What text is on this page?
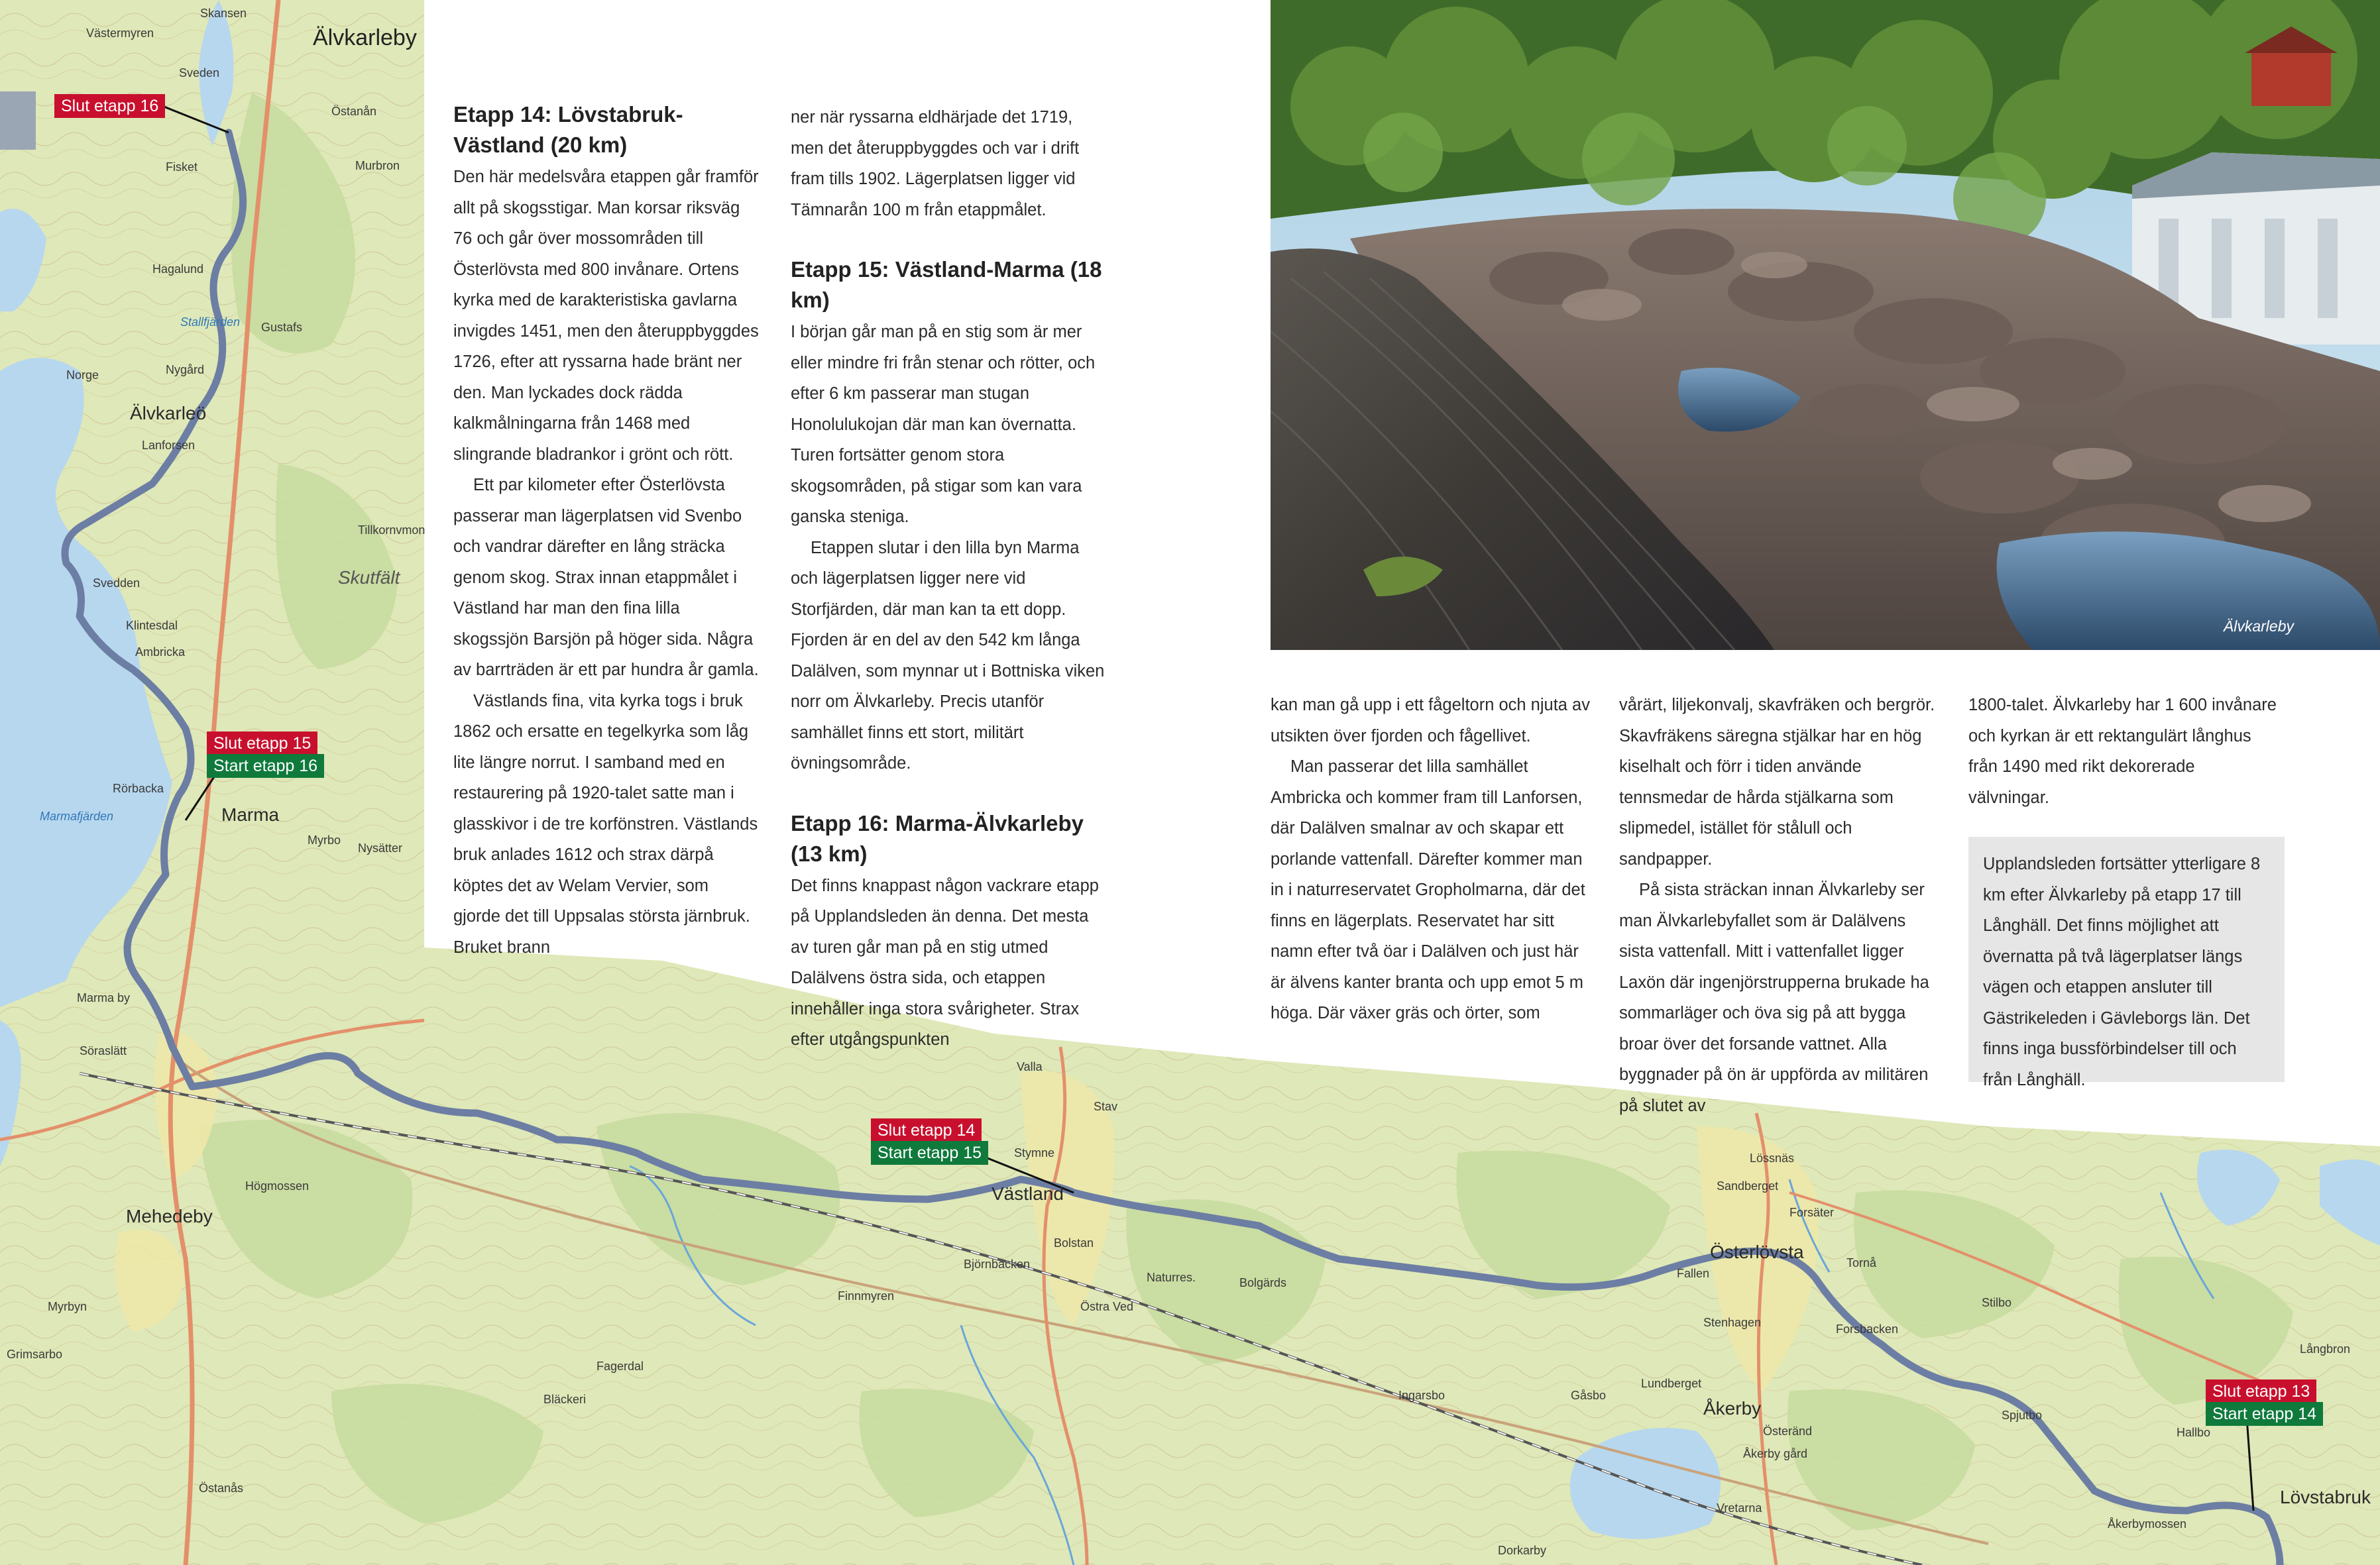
Älvkarleby
Skansen
Västermyren
Sveden
Östanån
Murbron
Fisket
Hagalund
Stallfjärden Gustafs
Norge	Nygård
Älvkarleö
Lanforsen
Tillkornvmon
Skutfält
Svedden
Klintesdal
Ambricka
Rörbacka
Marmafjärden	Marma
Myrbo
Nysätter
Marma by
Söraslätt
Högmossen
Mehedeby
Myrbyn
Grimsarbo
Bläckeri
Fagerdal
Östanås
Valla
Stav
Stymne
Västland
Bolstan
Björnbacken
Östra Ved
Finnmyren
Naturres.	Bolgärds
Ingarsbo	Gåsbo
Åkerby
Lundberget
Österänd
Åkerby gård
Vretarna
Dorkarby
Lössnäs
Sandberget
Forsäter
Österlövsta
Fallen
Stenhagen	Forsbacken
Tornå
Stilbo
Långbron
Spjutbo
Hallbo
Åkerbymossen
Lövstabruk
Slut etapp 16
Slut etapp 15
Start etapp 16
Slut etapp 14
Start etapp 15
Slut etapp 13
Start etapp 14
Älvkarleby
Etapp 14: Lövstabruk-Västland (20 km)

Den här medelsvåra etappen går framför allt på skogsstigar. Man korsar riksväg 76 och går över mossområden till Österlövsta med 800 invånare. Ortens kyrka med de karakteristiska gavlarna invigdes 1451, men den återuppbyggdes 1726, efter att ryssarna hade bränt ner den. Man lyckades dock rädda kalkmålningarna från 1468 med slingrande bladrankor i grönt och rött.

Ett par kilometer efter Österlövsta passerar man lägerplatsen vid Svenbo och vandrar därefter en lång sträcka genom skog. Strax innan etappmålet i Västland har man den fina lilla skogssjön Barsjön på höger sida. Några av barrträden är ett par hundra år gamla.

Västlands fina, vita kyrka togs i bruk 1862 och ersatte en tegelkyrka som låg lite längre norrut. I samband med en restaurering på 1920-talet satte man i glasskivor i de tre korfönstren. Västlands bruk anlades 1612 och strax därpå köptes det av Welam Vervier, som gjorde det till Uppsalas största järnbruk. Bruket brann

ner när ryssarna eldhärjade det 1719, men det återuppbyggdes och var i drift fram tills 1902. Lägerplatsen ligger vid Tämnarån 100 m från etappmålet.

Etapp 15: Västland-Marma (18 km)

I början går man på en stig som är mer eller mindre fri från stenar och rötter, och efter 6 km passerar man stugan Honolulukojan där man kan övernatta. Turen fortsätter genom stora skogsområden, på stigar som kan vara ganska steniga.

Etappen slutar i den lilla byn Marma och lägerplatsen ligger nere vid Storfjärden, där man kan ta ett dopp. Fjorden är en del av den 542 km långa Dalälven, som mynnar ut i Bottniska viken norr om Älvkarleby. Precis utanför samhället finns ett stort, militärt övningsområde.

Etapp 16: Marma-Älvkarleby (13 km)

Det finns knappast någon vackrare etapp på Upplandsleden än denna. Det mesta av turen går man på en stig utmed Dalälvens östra sida, och etappen innehåller inga stora svårigheter. Strax efter utgångspunkten

kan man gå upp i ett fågeltorn och njuta av utsikten över fjorden och fågellivet.

Man passerar det lilla samhället Ambricka och kommer fram till Lanforsen, där Dalälven smalnar av och skapar ett porlande vattenfall. Därefter kommer man in i naturreservatet Gropholmarna, där det finns en lägerplats. Reservatet har sitt namn efter två öar i Dalälven och just här är älvens kanter branta och upp emot 5 m höga. Där växer gräs och örter, som

vårärt, liljekonvalj, skavfräken och bergrör. Skavfräkens säregna stjälkar har en hög kiselhalt och förr i tiden använde tennsmedar de hårda stjälkarna som slipmedel, istället för stålull och sandpapper.

På sista sträckan innan Älvkarleby ser man Älvkarlebyfallet som är Dalälvens sista vattenfall. Mitt i vattenfallet ligger Laxön där ingenjörstrupperna brukade ha sommarläger och öva sig på att bygga broar över det forsande vattnet. Alla byggnader på ön är uppförda av militären på slutet av

1800-talet. Älvkarleby har 1 600 invånare och kyrkan är ett rektangulärt långhus från 1490 med rikt dekorerade välvningar.

Upplandsleden fortsätter ytterligare 8 km efter Älvkarleby på etapp 17 till Långhäll. Det finns möjlighet att övernatta på två lägerplatser längs vägen och etappen ansluter till Gästrikeleden i Gävleborgs län. Det finns inga bussförbindelser till och från Långhäll.
